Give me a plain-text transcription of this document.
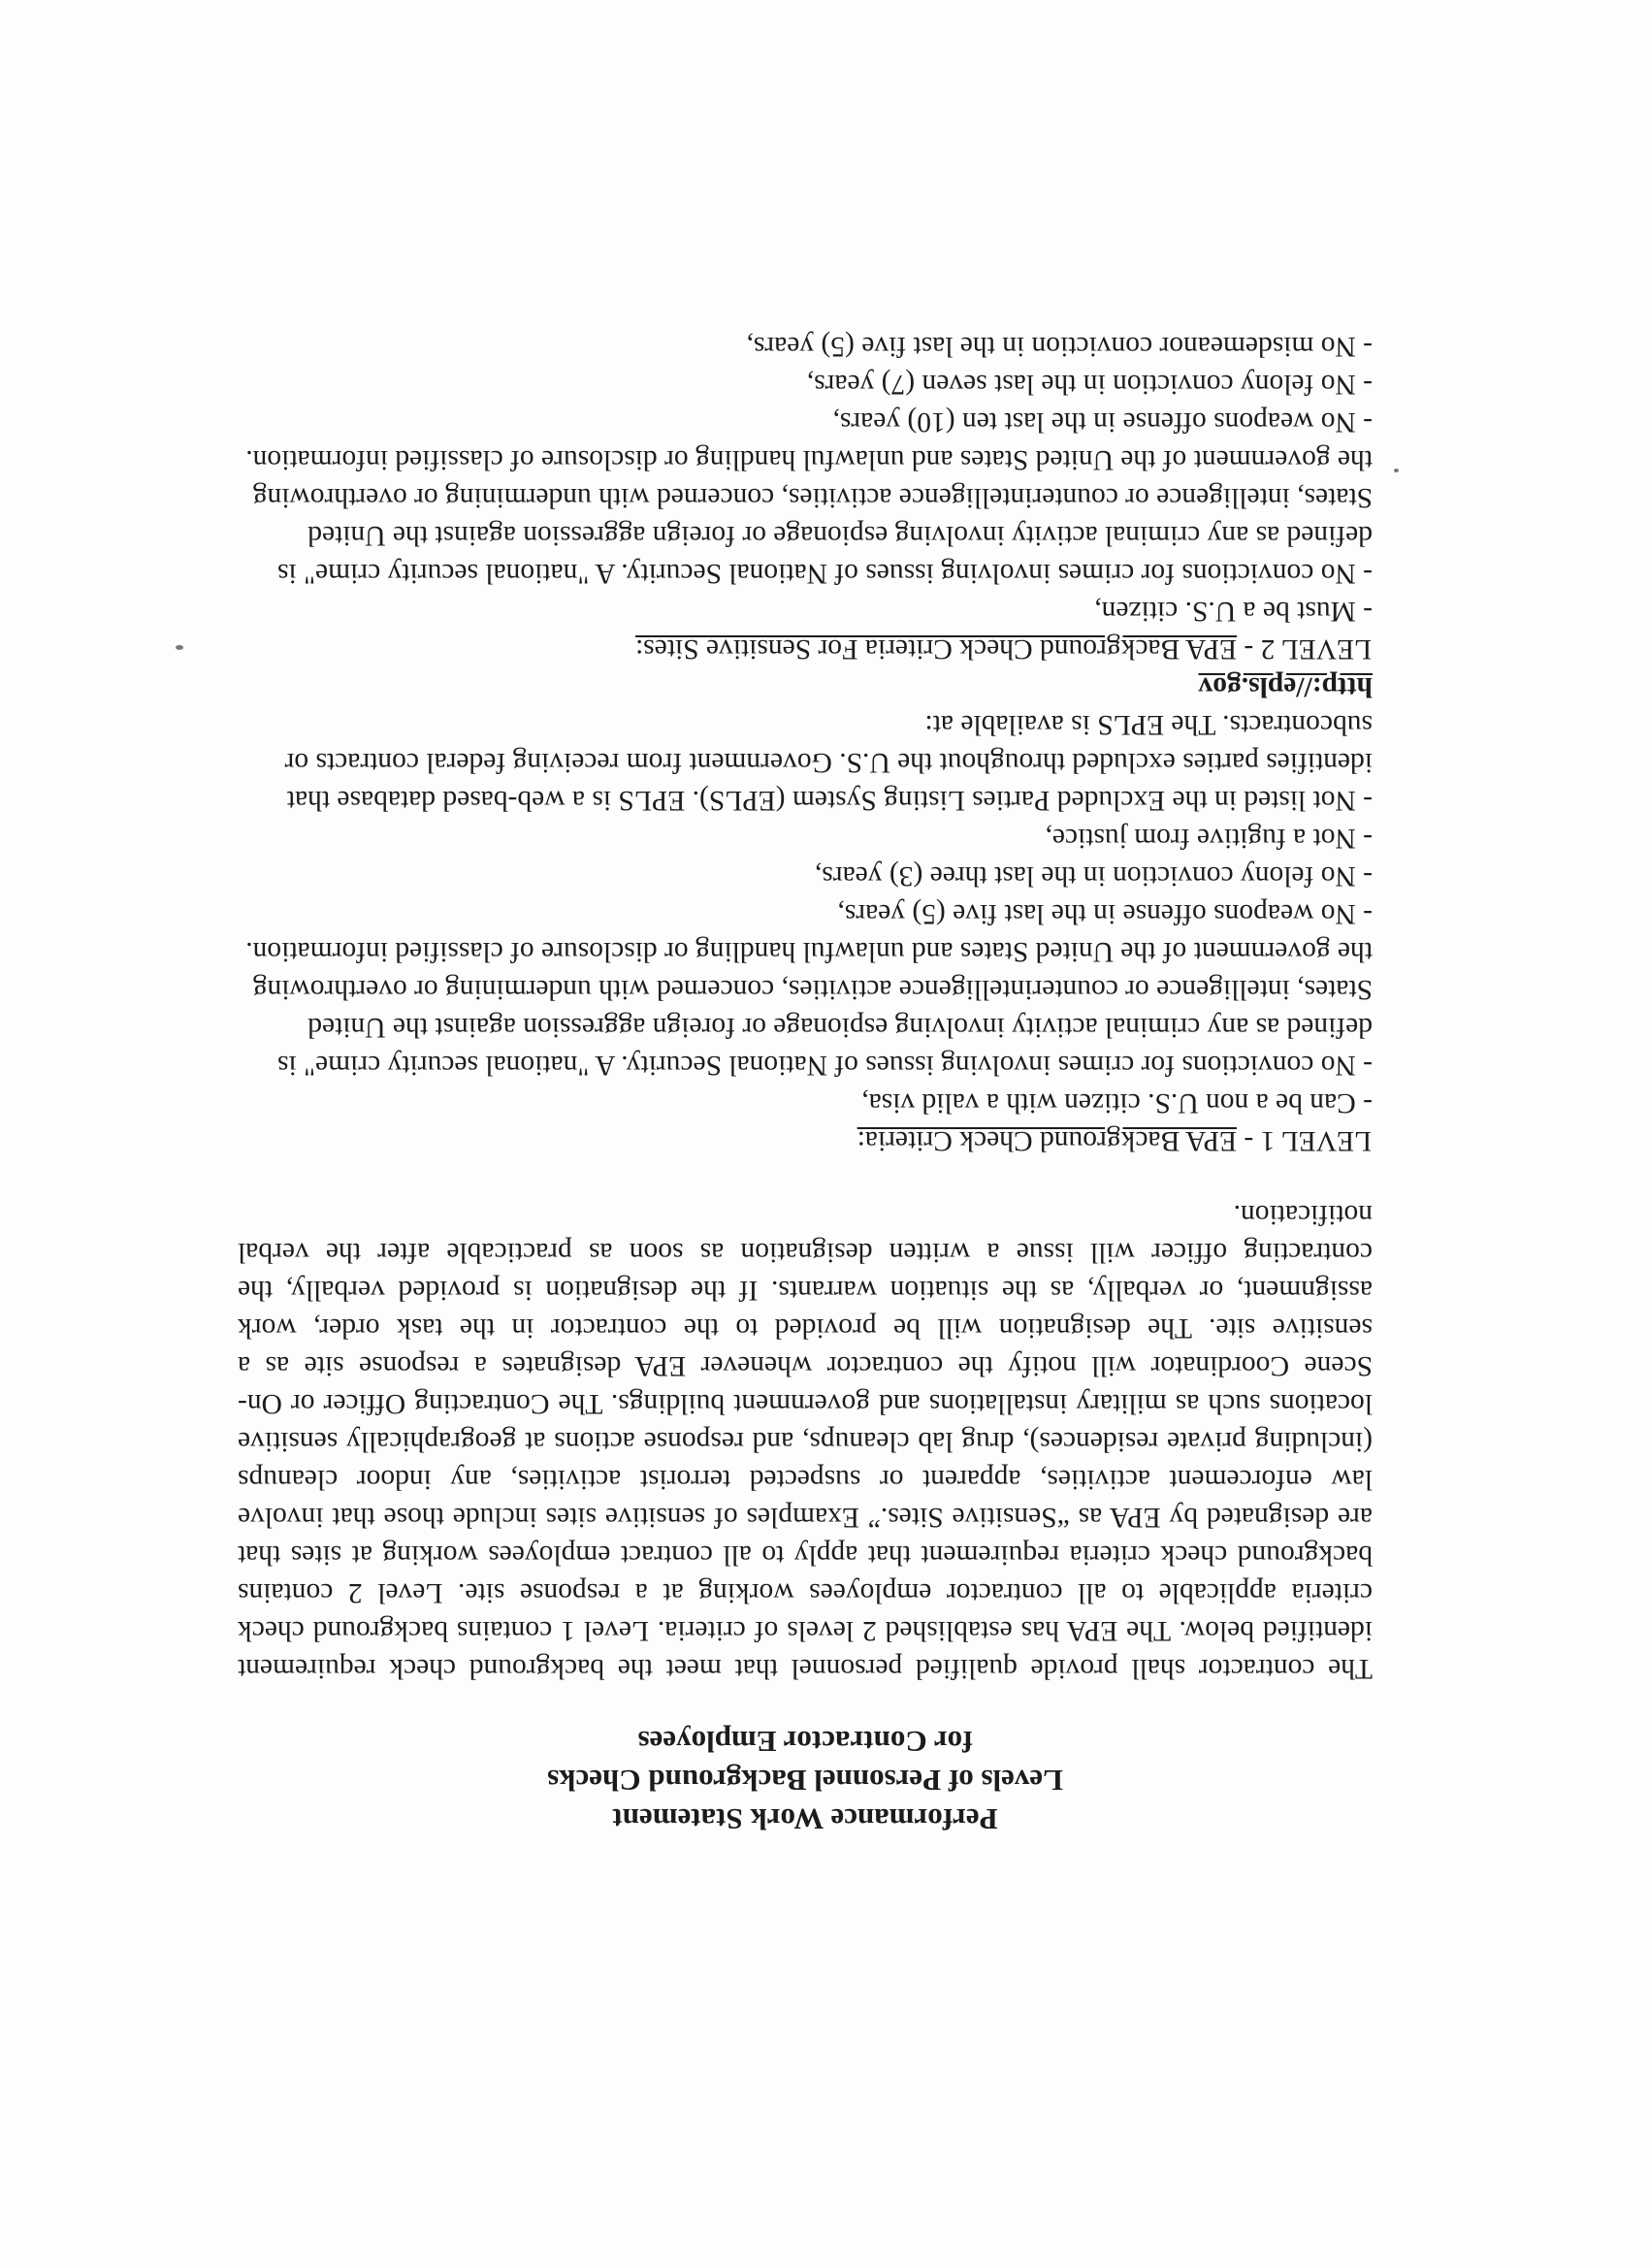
Performance Work Statement
Levels of Personnel Background Checks
for Contractor Employees

The contractor shall provide qualified personnel that meet the background check requirement identified below. The EPA has established 2 levels of criteria. Level 1 contains background check criteria applicable to all contractor employees working at a response site. Level 2 contains background check criteria requirement that apply to all contract employees working at sites that are designated by EPA as “Sensitive Sites.” Examples of sensitive sites include those that involve law enforcement activities, apparent or suspected terrorist activities, any indoor cleanups (including private residences), drug lab cleanups, and response actions at geographically sensitive locations such as military installations and government buildings. The Contracting Officer or On-Scene Coordinator will notify the contractor whenever EPA designates a response site as a sensitive site. The designation will be provided to the contractor in the task order, work assignment, or verbally, as the situation warrants. If the designation is provided verbally, the contracting officer will issue a written designation as soon as practicable after the verbal notification.

LEVEL 1 - EPA Background Check Criteria:

- Can be a non U.S. citizen with a valid visa,
- No convictions for crimes involving issues of National Security. A "national security crime" is defined as any criminal activity involving espionage or foreign aggression against the United States, intelligence or counterintelligence activities, concerned with undermining or overthrowing the government of the United States and unlawful handling or disclosure of classified information.
- No weapons offense in the last five (5) years,
- No felony conviction in the last three (3) years,
- Not a fugitive from justice,
- Not listed in the Excluded Parties Listing System (EPLS). EPLS is a web-based database that identifies parties excluded throughout the U.S. Government from receiving federal contracts or subcontracts. The EPLS is available at:
http://epls.gov

LEVEL 2 - EPA Background Check Criteria For Sensitive Sites:

- Must be a U.S. citizen,
- No convictions for crimes involving issues of National Security. A "national security crime" is defined as any criminal activity involving espionage or foreign aggression against the United States, intelligence or counterintelligence activities, concerned with undermining or overthrowing the government of the United States and unlawful handling or disclosure of classified information.
- No weapons offense in the last ten (10) years,
- No felony conviction in the last seven (7) years,
- No misdemeanor conviction in the last five (5) years,
